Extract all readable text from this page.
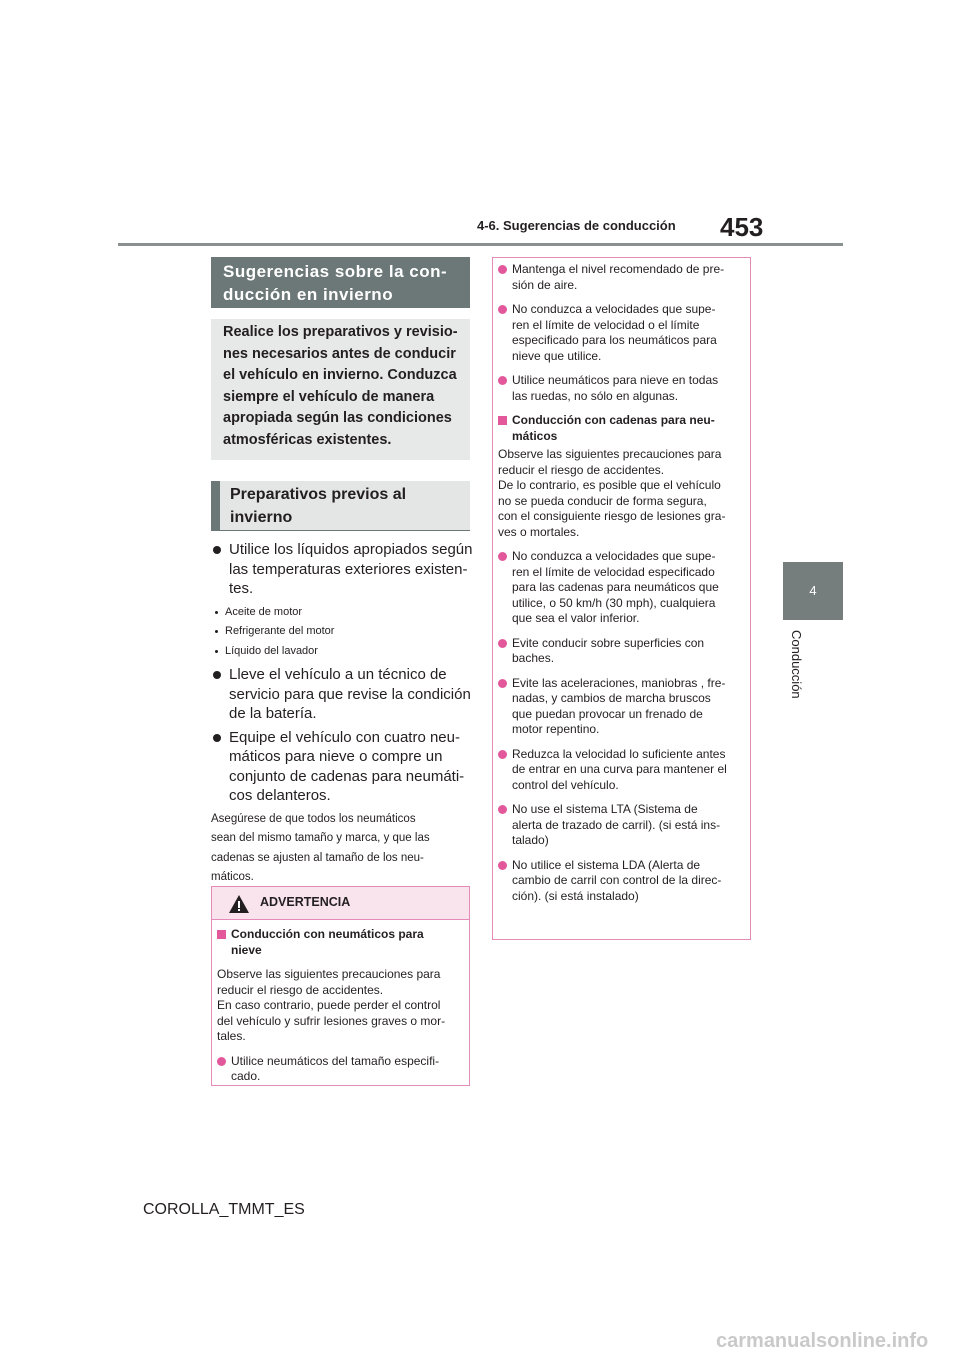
4-6. Sugerencias de conducción 453
4
Conducción
Sugerencias sobre la con-
ducción en invierno
Realice los preparativos y revisio-
nes necesarios antes de conducir
el vehículo en invierno. Conduzca
siempre el vehículo de manera
apropiada según las condiciones
atmosféricas existentes.
Preparativos previos al
invierno
Utilice los líquidos apropiados según
las temperaturas exteriores existen-
tes.
Aceite de motor
Refrigerante del motor
Líquido del lavador
Lleve el vehículo a un técnico de
servicio para que revise la condición
de la batería.
Equipe el vehículo con cuatro neu-
máticos para nieve o compre un
conjunto de cadenas para neumáti-
cos delanteros.
Asegúrese de que todos los neumáticos
sean del mismo tamaño y marca, y que las
cadenas se ajusten al tamaño de los neu-
máticos.
ADVERTENCIA
Conducción con neumáticos para
nieve
Observe las siguientes precauciones para
reducir el riesgo de accidentes.
En caso contrario, puede perder el control
del vehículo y sufrir lesiones graves o mor-
tales.
Utilice neumáticos del tamaño especifi-
cado.
Mantenga el nivel recomendado de pre-
sión de aire.
No conduzca a velocidades que supe-
ren el límite de velocidad o el límite
especificado para los neumáticos para
nieve que utilice.
Utilice neumáticos para nieve en todas
las ruedas, no sólo en algunas.
Conducción con cadenas para neu-
máticos
Observe las siguientes precauciones para
reducir el riesgo de accidentes.
De lo contrario, es posible que el vehículo
no se pueda conducir de forma segura,
con el consiguiente riesgo de lesiones gra-
ves o mortales.
No conduzca a velocidades que supe-
ren el límite de velocidad especificado
para las cadenas para neumáticos que
utilice, o 50 km/h (30 mph), cualquiera
que sea el valor inferior.
Evite conducir sobre superficies con
baches.
Evite las aceleraciones, maniobras , fre-
nadas, y cambios de marcha bruscos
que puedan provocar un frenado de
motor repentino.
Reduzca la velocidad lo suficiente antes
de entrar en una curva para mantener el
control del vehículo.
No use el sistema LTA (Sistema de
alerta de trazado de carril). (si está ins-
talado)
No utilice el sistema LDA (Alerta de
cambio de carril con control de la direc-
ción). (si está instalado)
COROLLA_TMMT_ES
carmanualsonline.info
